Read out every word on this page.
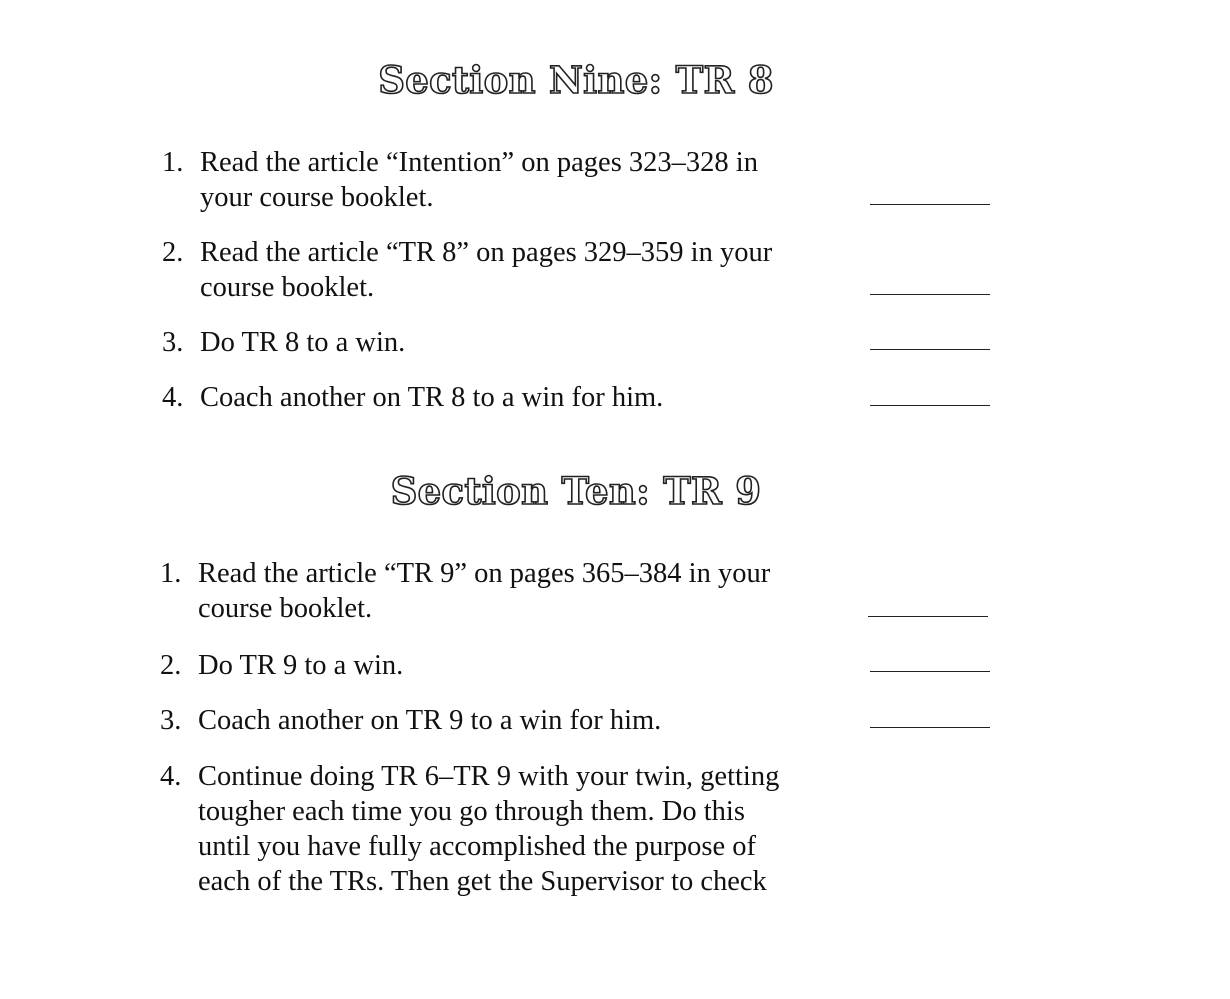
Section Nine: TR 8
1. Read the article “Intention” on pages 323–328 in
your course booklet.
2. Read the article “TR 8” on pages 329–359 in your
course booklet.
3. Do TR 8 to a win.
4. Coach another on TR 8 to a win for him.
Section Ten: TR 9
1. Read the article “TR 9” on pages 365–384 in your
course booklet.
2. Do TR 9 to a win.
3. Coach another on TR 9 to a win for him.
4. Continue doing TR 6–TR 9 with your twin, getting
tougher each time you go through them. Do this
until you have fully accomplished the purpose of
each of the TRs. Then get the Supervisor to check
